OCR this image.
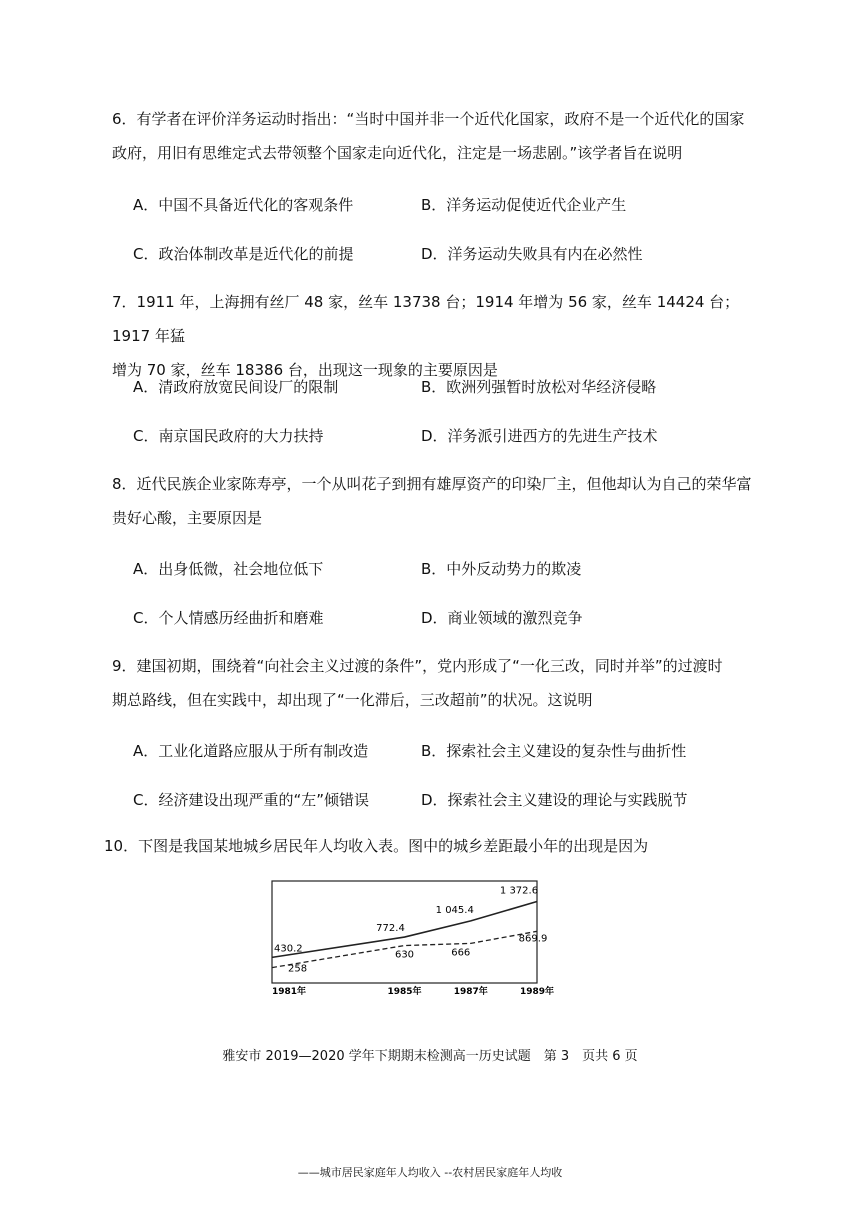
6．有学者在评价洋务运动时指出：“当时中国并非一个近代化国家，政府不是一个近代化的国家
政府，用旧有思维定式去带领整个国家走向近代化，注定是一场悲剧。”该学者旨在说明
A．中国不具备近代化的客观条件	B．洋务运动促使近代企业产生
C．政治体制改革是近代化的前提	D．洋务运动失败具有内在必然性
7．1911 年，上海拥有丝厂 48 家，丝车 13738 台；1914 年增为 56 家，丝车 14424 台；1917 年猛
增为 70 家，丝车 18386 台，出现这一现象的主要原因是
A．清政府放宽民间设厂的限制	B．欧洲列强暂时放松对华经济侵略
C．南京国民政府的大力扶持	D．洋务派引进西方的先进生产技术
8．近代民族企业家陈寿亭，一个从叫花子到拥有雄厚资产的印染厂主，但他却认为自己的荣华富
贵好心酸，主要原因是
A．出身低微，社会地位低下	B．中外反动势力的欺凌
C．个人情感历经曲折和磨难	D．商业领域的激烈竞争
9．建国初期，围绕着“向社会主义过渡的条件”，党内形成了“一化三改，同时并举”的过渡时
期总路线，但在实践中，却出现了“一化滞后，三改超前”的状况。这说明
A．工业化道路应服从于所有制改造	B．探索社会主义建设的复杂性与曲折性
C．经济建设出现严重的“左”倾错误	D．探索社会主义建设的理论与实践脱节
10．下图是我国某地城乡居民年人均收入表。图中的城乡差距最小年的出现是因为
1981年	1985年	1987年	1989年
430.2
772.4
1 045.4
1 372.6
258
630	666
869.9
雅安市 2019—2020 学年下期期末检测高一历史试题　第 3　页共 6 页
——城市居民家庭年人均收入 --农村居民家庭年人均收
